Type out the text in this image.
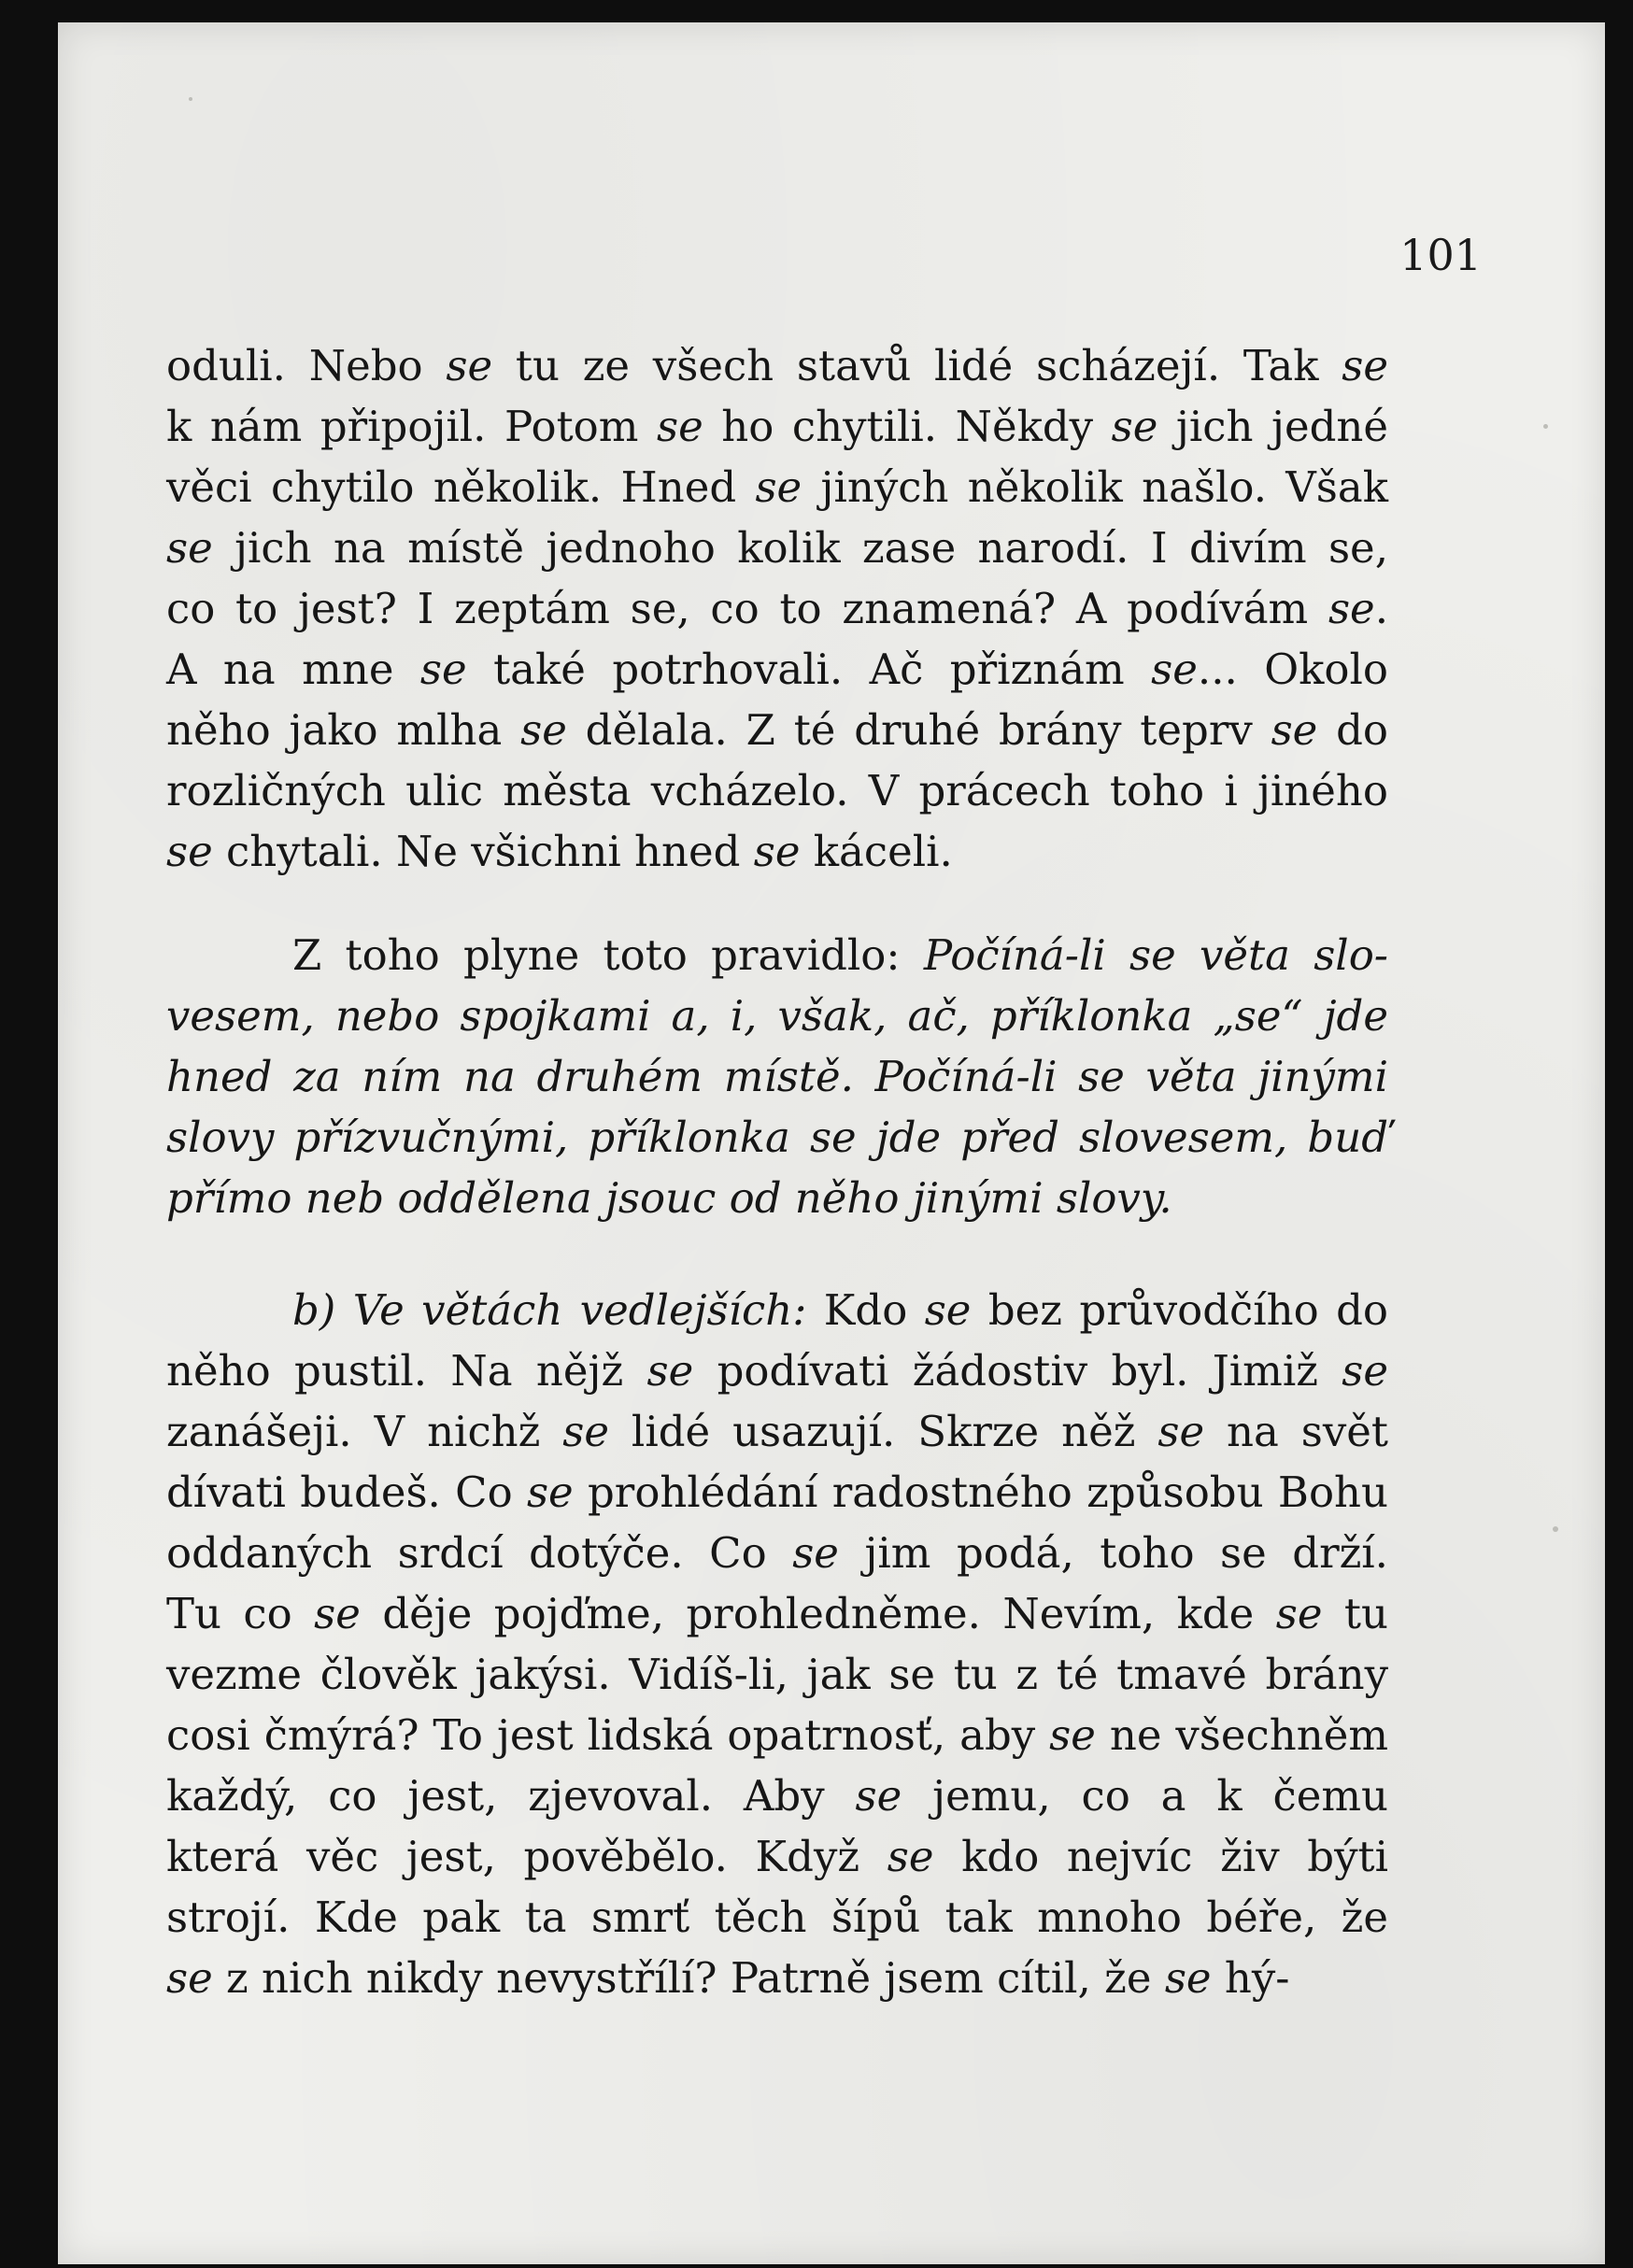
101
oduli. Nebo se tu ze všech stavů lidé scházejí. Tak se
k nám připojil. Potom se ho chytili. Někdy se jich jedné
věci chytilo několik. Hned se jiných několik našlo. Však
se jich na místě jednoho kolik zase narodí. I divím se,
co to jest? I zeptám se, co to znamená? A podívám se.
A na mne se také potrhovali. Ač přiznám se... Okolo
něho jako mlha se dělala. Z té druhé brány teprv se do
rozličných ulic města vcházelo. V prácech toho i jiného
se chytali. Ne všichni hned se káceli.
Z toho plyne toto pravidlo: Počíná-li se věta slo-
vesem, nebo spojkami a, i, však, ač, příklonka „se“ jde
hned za ním na druhém místě. Počíná-li se věta jinými
slovy přízvučnými, příklonka se jde před slovesem, buď
přímo neb oddělena jsouc od něho jinými slovy.
b) Ve větách vedlejších: Kdo se bez průvodčího do
něho pustil. Na nějž se podívati žádostiv byl. Jimiž se
zanášeji. V nichž se lidé usazují. Skrze něž se na svět
dívati budeš. Co se prohlédání radostného způsobu Bohu
oddaných srdcí dotýče. Co se jim podá, toho se drží.
Tu co se děje pojďme, prohledněme. Nevím, kde se tu
vezme člověk jakýsi. Vidíš-li, jak se tu z té tmavé brány
cosi čmýrá? To jest lidská opatrnosť, aby se ne všechněm
každý, co jest, zjevoval. Aby se jemu, co a k čemu
která věc jest, pověbělo. Když se kdo nejvíc živ býti
strojí. Kde pak ta smrť těch šípů tak mnoho béře, že
se z nich nikdy nevystřílí? Patrně jsem cítil, že se hý-
